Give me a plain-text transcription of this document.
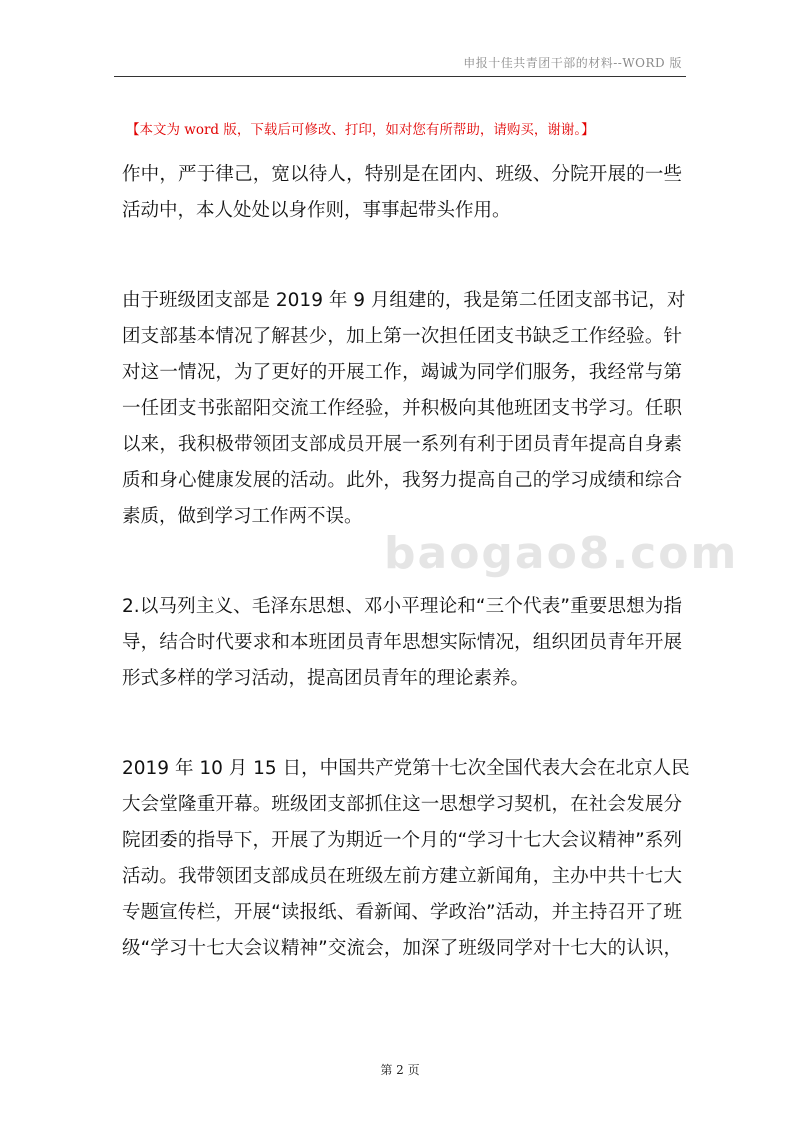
申报十佳共青团干部的材料--WORD 版
【本文为 word 版，下载后可修改、打印，如对您有所帮助，请购买，谢谢。】
baogao8.com
作中，严于律己，宽以待人，特别是在团内、班级、分院开展的一些
活动中，本人处处以身作则，事事起带头作用。
由于班级团支部是 2019 年 9 月组建的，我是第二任团支部书记，对
团支部基本情况了解甚少，加上第一次担任团支书缺乏工作经验。针
对这一情况，为了更好的开展工作，竭诚为同学们服务，我经常与第
一任团支书张韶阳交流工作经验，并积极向其他班团支书学习。任职
以来，我积极带领团支部成员开展一系列有利于团员青年提高自身素
质和身心健康发展的活动。此外，我努力提高自己的学习成绩和综合
素质，做到学习工作两不误。
2.以马列主义、毛泽东思想、邓小平理论和“三个代表”重要思想为指
导，结合时代要求和本班团员青年思想实际情况，组织团员青年开展
形式多样的学习活动，提高团员青年的理论素养。
2019 年 10 月 15 日，中国共产党第十七次全国代表大会在北京人民
大会堂隆重开幕。班级团支部抓住这一思想学习契机，在社会发展分
院团委的指导下，开展了为期近一个月的“学习十七大会议精神”系列
活动。我带领团支部成员在班级左前方建立新闻角，主办中共十七大
专题宣传栏，开展“读报纸、看新闻、学政治”活动，并主持召开了班
级“学习十七大会议精神”交流会，加深了班级同学对十七大的认识，
第 2 页
